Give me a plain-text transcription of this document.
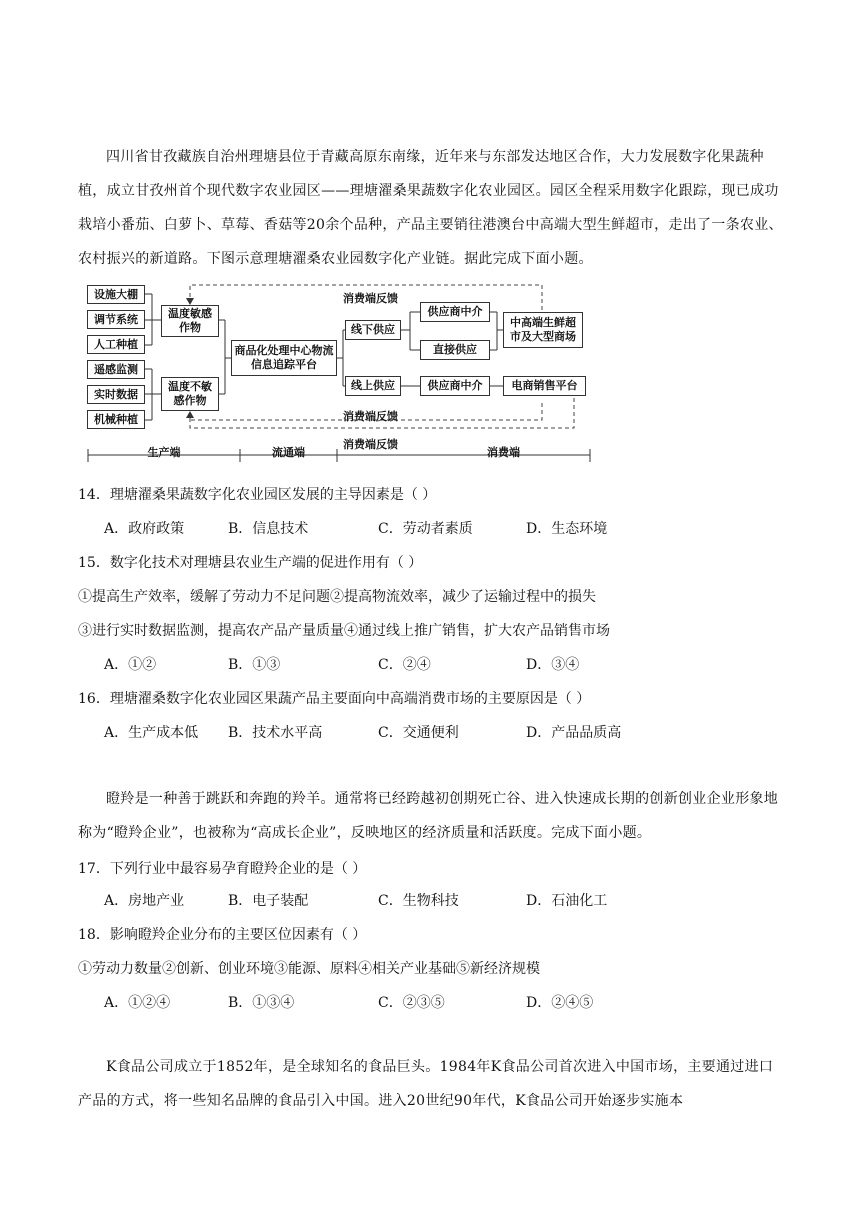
四川省甘孜藏族自治州理塘县位于青藏高原东南缘，近年来与东部发达地区合作，大力发展数字化果蔬种植，成立甘孜州首个现代数字农业园区——理塘濯桑果蔬数字化农业园区。园区全程采用数字化跟踪，现已成功栽培小番茄、白萝卜、草莓、香菇等20余个品种，产品主要销往港澳台中高端大型生鲜超市，走出了一条农业、农村振兴的新道路。下图示意理塘濯桑农业园数字化产业链。据此完成下面小题。
设施大棚
调节系统
人工种植
遥感监测
实时数据
机械种植
温度敏感作物
温度不敏感作物
商品化处理中心物流信息追踪平台
线下供应
线上供应
供应商中介
直接供应
供应商中介
中高端生鲜超市及大型商场
电商销售平台
消费端反馈
消费端反馈
消费端反馈
生产端	流通端	消费端
14．理塘濯桑果蔬数字化农业园区发展的主导因素是（ ）
A．政府政策	B．信息技术	C．劳动者素质	D．生态环境
15．数字化技术对理塘县农业生产端的促进作用有（ ）
①提高生产效率，缓解了劳动力不足问题②提高物流效率，减少了运输过程中的损失
③进行实时数据监测，提高农产品产量质量④通过线上推广销售，扩大农产品销售市场
A．①②	B．①③	C．②④	D．③④
16．理塘濯桑数字化农业园区果蔬产品主要面向中高端消费市场的主要原因是（ ）
A．生产成本低 B．技术水平高	C．交通便利	D．产品品质高
瞪羚是一种善于跳跃和奔跑的羚羊。通常将已经跨越初创期死亡谷、进入快速成长期的创新创业企业形象地称为“瞪羚企业”，也被称为“高成长企业”，反映地区的经济质量和活跃度。完成下面小题。
17．下列行业中最容易孕育瞪羚企业的是（ ）
A．房地产业	B．电子装配	C．生物科技	D．石油化工
18．影响瞪羚企业分布的主要区位因素有（ ）
①劳动力数量②创新、创业环境③能源、原料④相关产业基础⑤新经济规模
A．①②④	B．①③④	C．②③⑤	D．②④⑤
K食品公司成立于1852年，是全球知名的食品巨头。1984年K食品公司首次进入中国市场，主要通过进口产品的方式，将一些知名品牌的食品引入中国。进入20世纪90年代，K食品公司开始逐步实施本
